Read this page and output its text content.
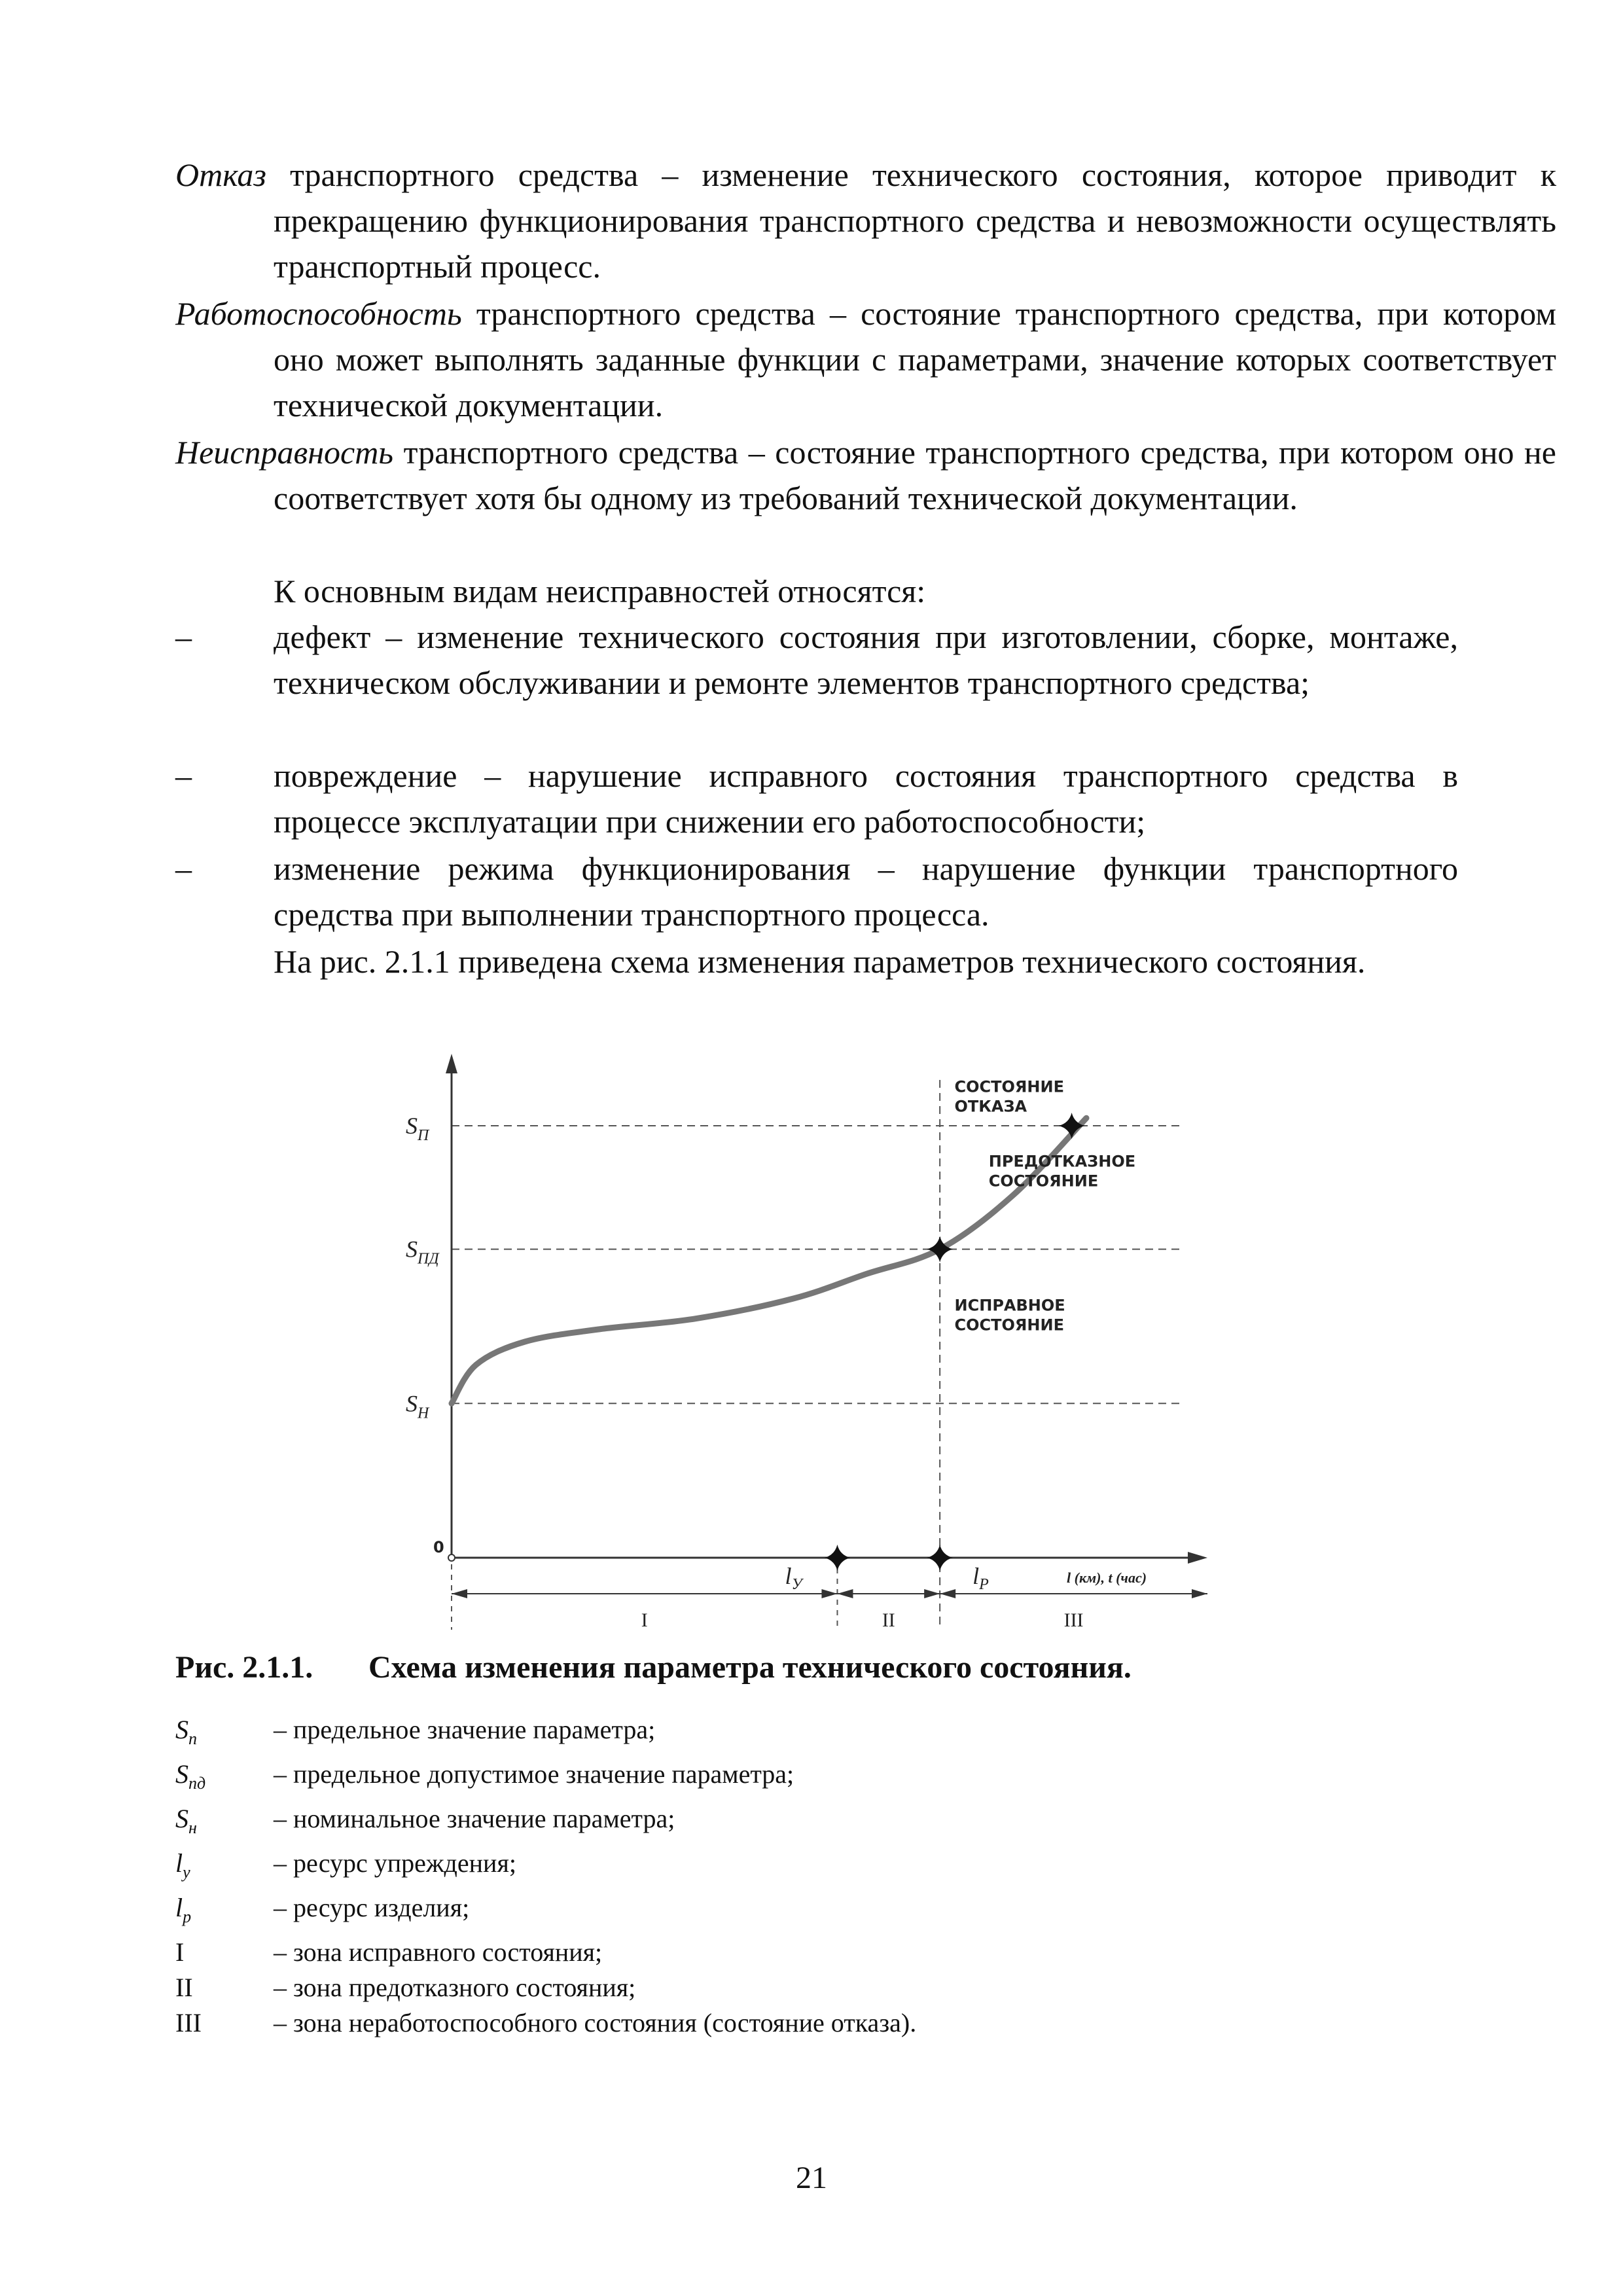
Отказ транспортного средства – изменение технического состояния, которое приводит к прекращению функционирования транспортного средства и невозможности осуществлять транспортный процесс.
Работоспособность транспортного средства – состояние транспортного средства, при котором оно может выполнять заданные функции с параметрами, значение которых соответствует технической документации.
Неисправность транспортного средства – состояние транспортного средства, при котором оно не соответствует хотя бы одному из требований технической документации.
К основным видам неисправностей относятся:
–	дефект – изменение технического состояния при изготовлении, сборке, монтаже, техническом обслуживании и ремонте элементов транспортного средства;
–	повреждение – нарушение исправного состояния транспортного средства в процессе эксплуатации при снижении его работоспособности;
–	изменение режима функционирования – нарушение функции транспортного средства при выполнении транспортного процесса.
На рис. 2.1.1 приведена схема изменения параметров технического состояния.
$S_Н$
$S_{ПД}$
$S_П$
0
$l_У$	$l_Р$	l (км), t (час)
I	II	III
СОСТОЯНИЕ
ОТКАЗА
ПРЕДОТКАЗНОЕ
СОСТОЯНИЕ
ИСПРАВНОЕ
СОСТОЯНИЕ
Рис. 2.1.1. Схема изменения параметра технического состояния.
$S_п$	– предельное значение параметра;
$S_{пд}$	– предельное допустимое значение параметра;
$S_н$	– номинальное значение параметра;
$l_у$	– ресурс упреждения;
$l_р$	– ресурс изделия;
I	– зона исправного состояния;
II	– зона предотказного состояния;
III	– зона неработоспособного состояния (состояние отказа).
21
